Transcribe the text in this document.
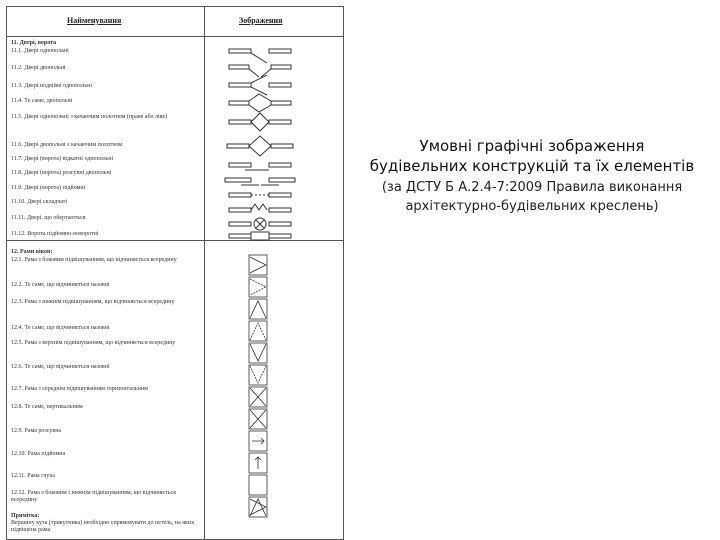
Найменування	Зображення
11. Двері, ворота
11.1. Двері однопольні
11.2. Двері двопольні
11.3. Двері подвійні однопольні
11.4. Те саме, двопольні
11.5. Двері однопольні з качаючим полотном (праве або ліве)
11.6. Двері двопольні з качаючим полотном
11.7. Двері (ворота) відкатні однопольні
11.8. Двері (ворота) розсувні двопольні
11.9. Двері (ворота) підйомні
11.10. Двері складчаті
11.11. Двері, що обертаються
11.12. Ворота підйомно-поворотні
12. Рами вікон:
12.1. Рама з боковим підвішуванням, що відчиняється всередину
12.2. Те саме, що відчиняється назовні
12.3. Рама з нижнім підвішуванням, що відчиняється всередину
12.4. Те саме, що відчиняється назовні
12.5. Рама з верхнім підвішуванням, що відчиняється всередину
12.6. Те саме, що відчиняється назовні
12.7. Рама з середнім підвішуванням горизонтальним
12.8. Те саме, вертикальним
12.9. Рама розсувна
12.10. Рама підйомна
12.11. Рама глуха
12.12. Рама з боковим і нижнім підвішуванням, що відчиняється всередину
Примітка:
Вершину кута (трикутника) необхідно спрямовувати до петель, на яких підвішена рама
Умовні графічні зображення
будівельних конструкцій та їх елементів
(за ДСТУ Б А.2.4-7:2009 Правила виконання
архітектурно-будівельних креслень)
